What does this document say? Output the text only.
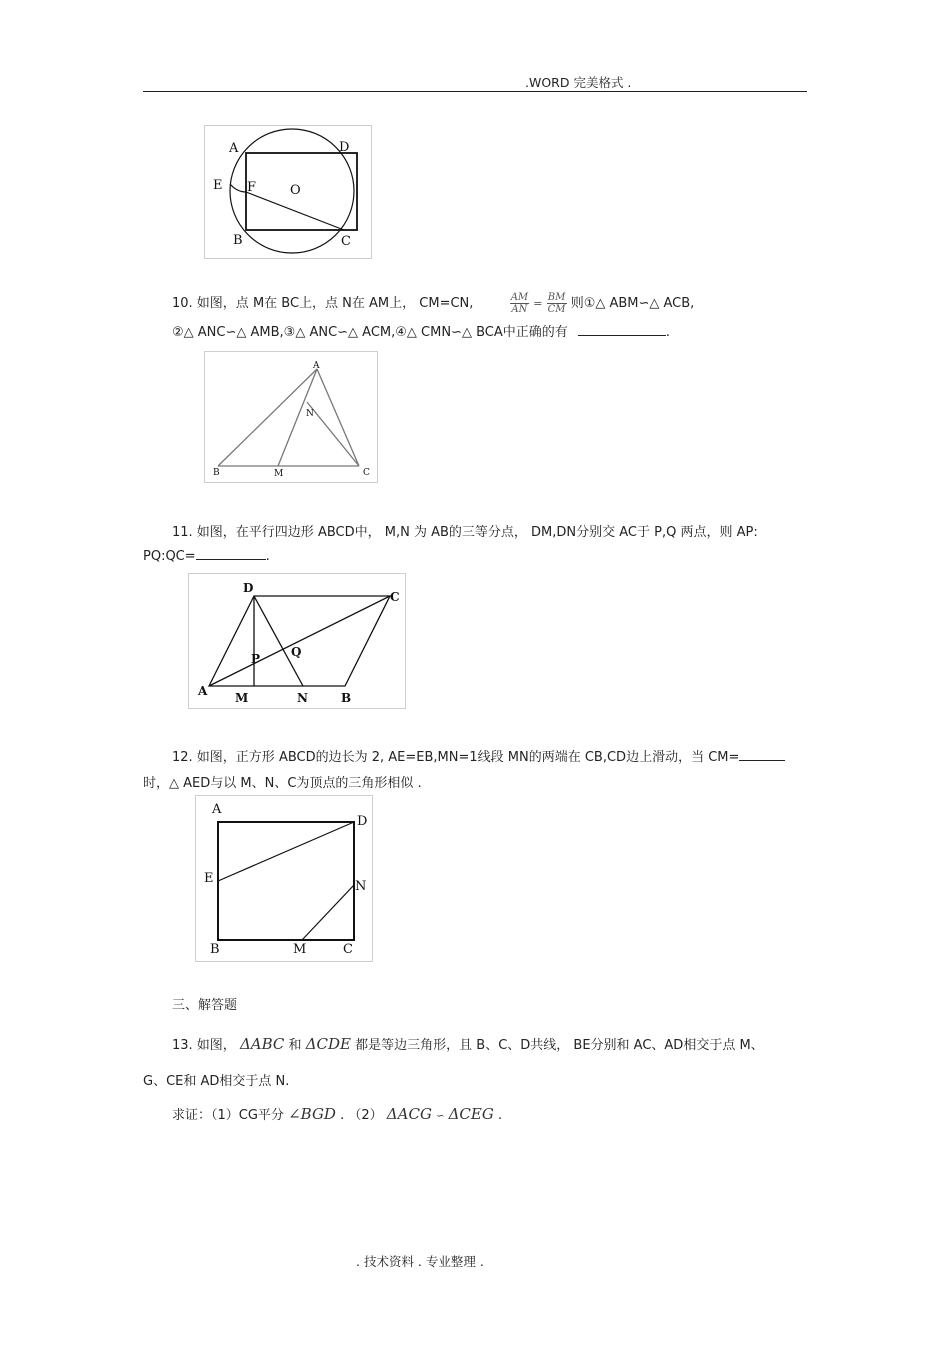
.WORD 完美格式 .
A	D
E F	O
B	C
10. 如图，点 M在 BC上，点 N在 AM上， CM=CN,	$\frac{AM}{AN} = \frac{BM}{CM}$ 则①△ ABM∽△ ACB,
②△ ANC∽△ AMB,③△ ANC∽△ ACM,④△ CMN∽△ BCA中正确的有	.
A
N
B	M	C
11. 如图，在平行四边形 ABCD中， M,N 为 AB的三等分点， DM,DN分别交 AC于 P,Q 两点，则 AP:
PQ:QC=	.
D
C
P	Q
A M	N	B
12. 如图，正方形 ABCD的边长为 2, AE=EB,MN=1线段 MN的两端在 CB,CD边上滑动，当 CM=
时，△ AED与以 M、N、C为顶点的三角形相似 .
A
D
E
N
B	M	C
三、解答题
13. 如图， ΔABC 和 ΔCDE 都是等边三角形，且 B、C、D共线， BE分别和 AC、AD相交于点 M、
G、CE和 AD相交于点 N.
求证：（1）CG平分 ∠BGD . （2） ΔACG ∽ ΔCEG .
. 技术资料 . 专业整理 .
